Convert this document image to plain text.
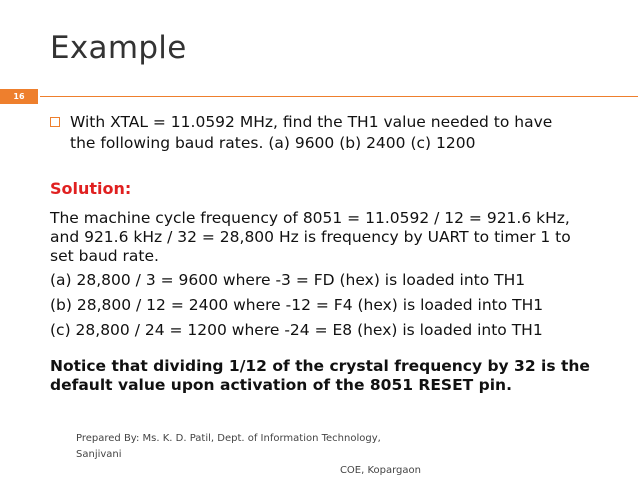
Example
16
With XTAL = 11.0592 MHz, find the TH1 value needed to have
the following baud rates. (a) 9600 (b) 2400 (c) 1200
Solution:
The machine cycle frequency of 8051 = 11.0592 / 12 = 921.6 kHz,
and 921.6 kHz / 32 = 28,800 Hz is frequency by UART to timer 1 to
set baud rate.
(a) 28,800 / 3 = 9600 where -3 = FD (hex) is loaded into TH1
(b) 28,800 / 12 = 2400 where -12 = F4 (hex) is loaded into TH1
(c) 28,800 / 24 = 1200 where -24 = E8 (hex) is loaded into TH1
Notice that dividing 1/12 of the crystal frequency by 32 is the
default value upon activation of the 8051 RESET pin.
Prepared By: Ms. K. D. Patil, Dept. of Information Technology, Sanjivani
COE, Kopargaon
